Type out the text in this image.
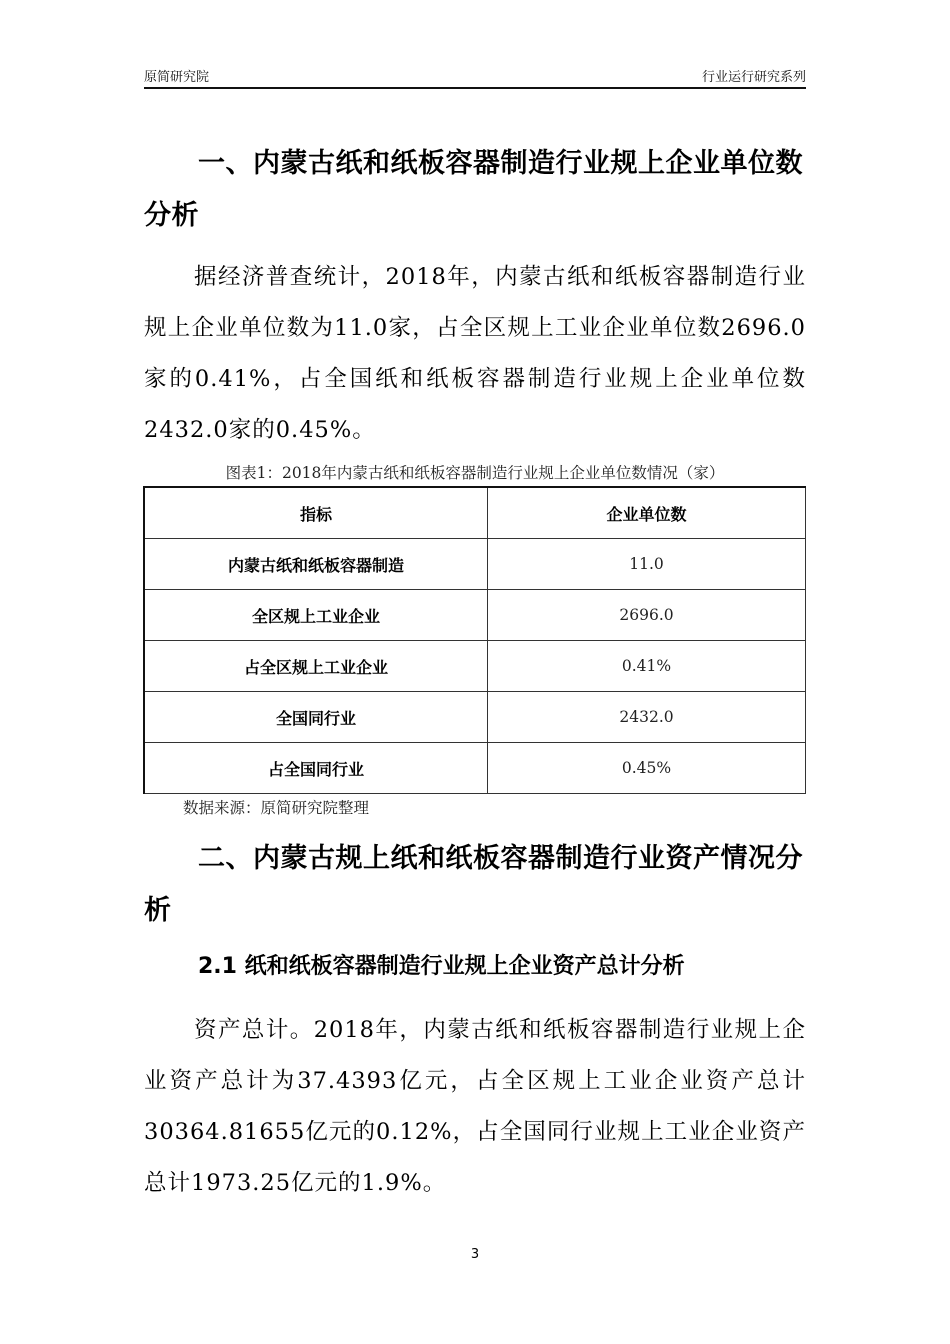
原简研究院	行业运行研究系列
一、内蒙古纸和纸板容器制造行业规上企业单位数分析
据经济普查统计，2018年，内蒙古纸和纸板容器制造行业规上企业单位数为11.0家，占全区规上工业企业单位数2696.0家的0.41%，占全国纸和纸板容器制造行业规上企业单位数2432.0家的0.45%。
图表1：2018年内蒙古纸和纸板容器制造行业规上企业单位数情况（家）
指标	企业单位数
内蒙古纸和纸板容器制造	11.0
全区规上工业企业	2696.0
占全区规上工业企业	0.41%
全国同行业	2432.0
占全国同行业	0.45%
数据来源：原简研究院整理
二、内蒙古规上纸和纸板容器制造行业资产情况分析
2.1 纸和纸板容器制造行业规上企业资产总计分析
资产总计。2018年，内蒙古纸和纸板容器制造行业规上企业资产总计为37.4393亿元，占全区规上工业企业资产总计30364.81655亿元的0.12%，占全国同行业规上工业企业资产总计1973.25亿元的1.9%。
3
